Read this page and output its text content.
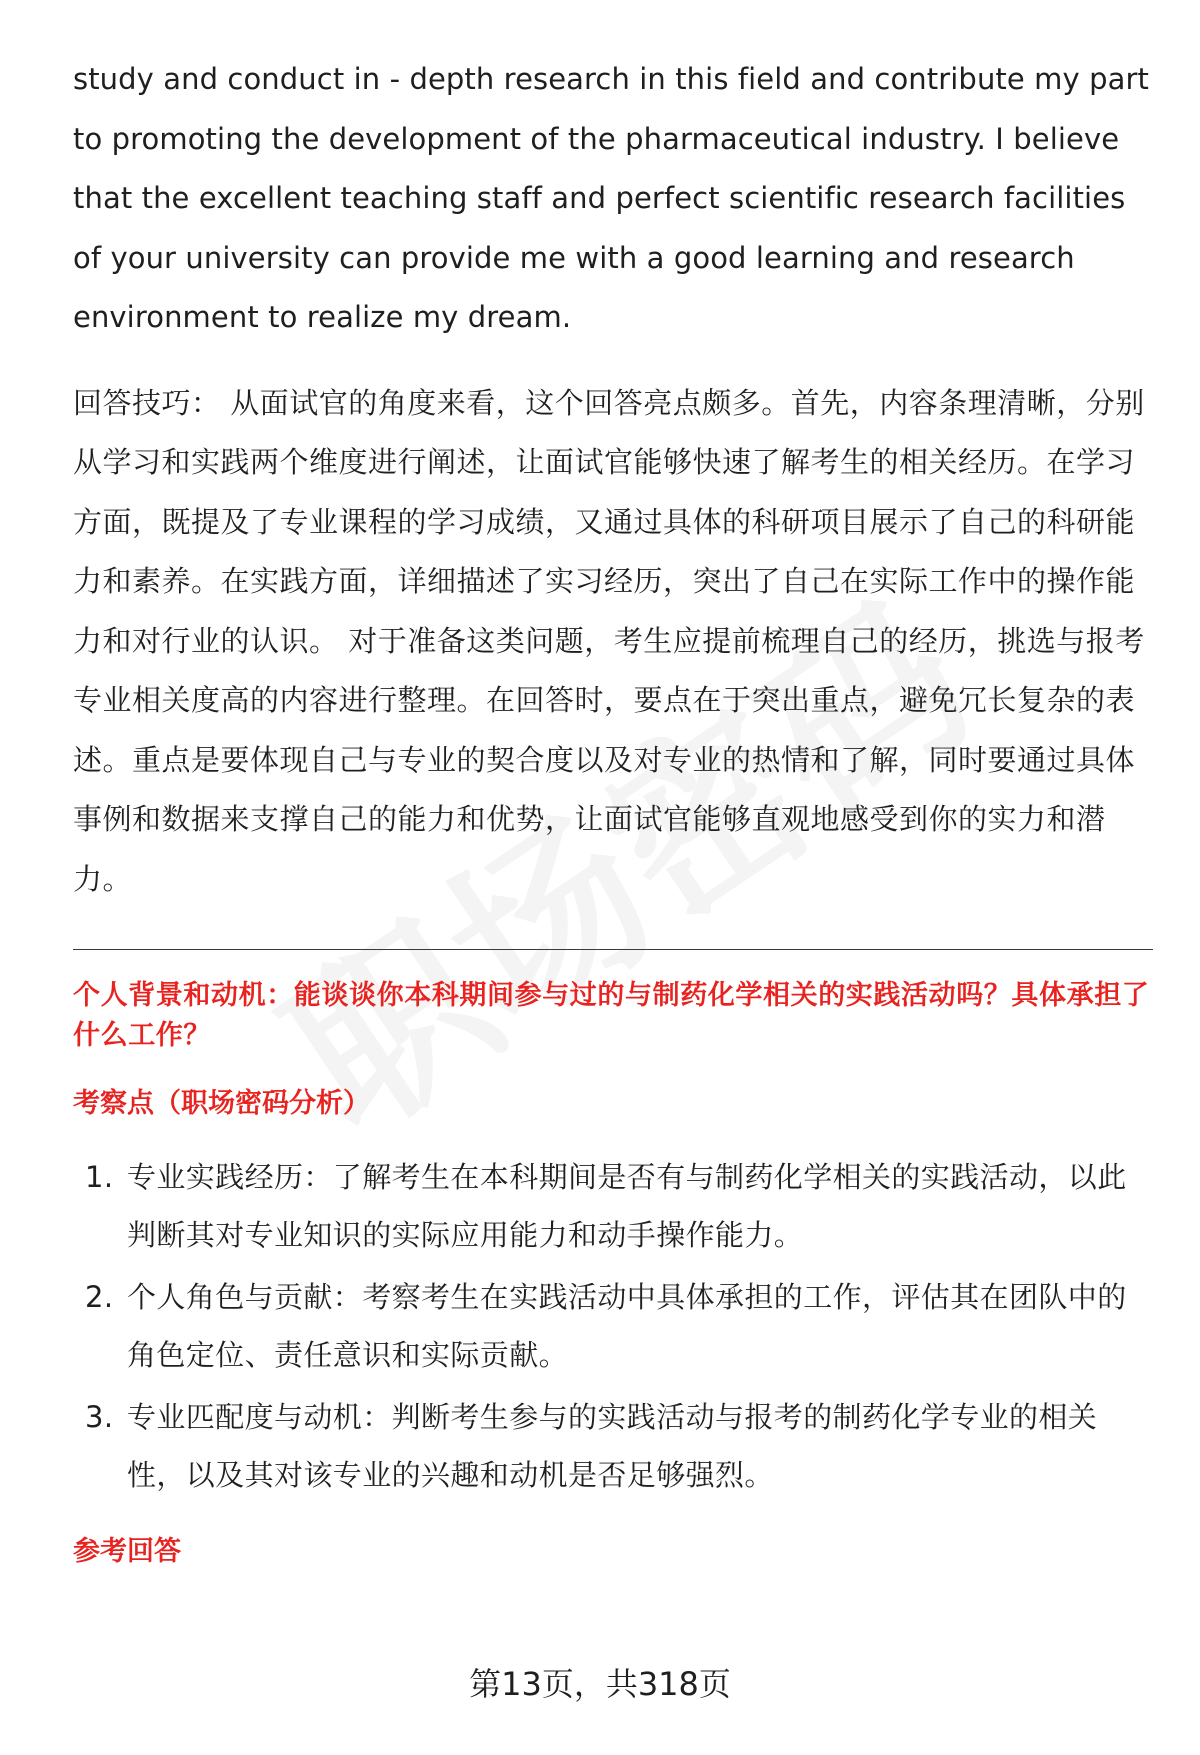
study and conduct in - depth research in this field and contribute my part to promoting the development of the pharmaceutical industry. I believe that the excellent teaching staff and perfect scientific research facilities of your university can provide me with a good learning and research environment to realize my dream.

回答技巧： 从面试官的角度来看，这个回答亮点颇多。首先，内容条理清晰，分别从学习和实践两个维度进行阐述，让面试官能够快速了解考生的相关经历。在学习方面，既提及了专业课程的学习成绩，又通过具体的科研项目展示了自己的科研能力和素养。在实践方面，详细描述了实习经历，突出了自己在实际工作中的操作能力和对行业的认识。 对于准备这类问题，考生应提前梳理自己的经历，挑选与报考专业相关度高的内容进行整理。在回答时，要点在于突出重点，避免冗长复杂的表述。重点是要体现自己与专业的契合度以及对专业的热情和了解，同时要通过具体事例和数据来支撑自己的能力和优势，让面试官能够直观地感受到你的实力和潜力。

个人背景和动机：能谈谈你本科期间参与过的与制药化学相关的实践活动吗？具体承担了什么工作？

考察点（职场密码分析）

1. 专业实践经历：了解考生在本科期间是否有与制药化学相关的实践活动，以此判断其对专业知识的实际应用能力和动手操作能力。
2. 个人角色与贡献：考察考生在实践活动中具体承担的工作，评估其在团队中的角色定位、责任意识和实际贡献。
3. 专业匹配度与动机：判断考生参与的实践活动与报考的制药化学专业的相关性，以及其对该专业的兴趣和动机是否足够强烈。

参考回答

第13页，共318页
